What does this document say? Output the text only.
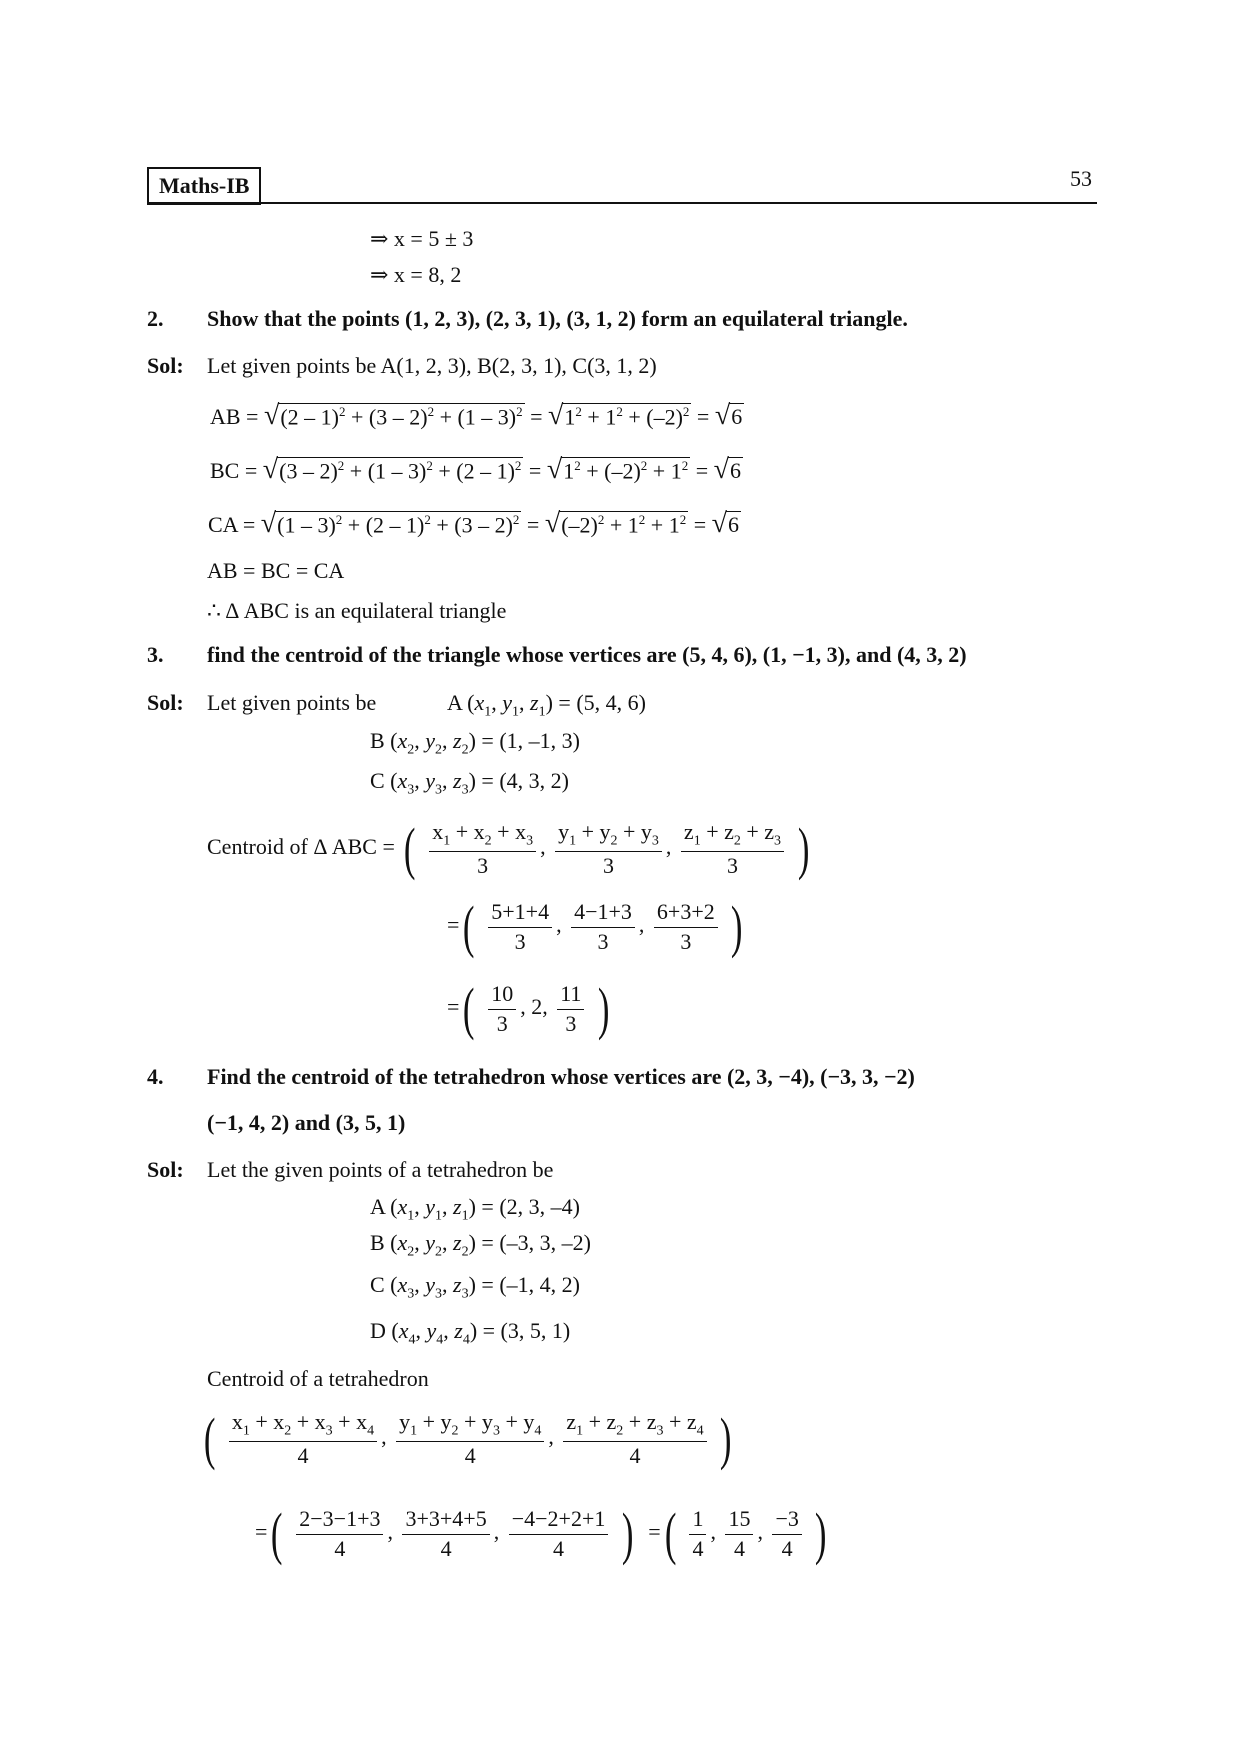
Maths-IB	53
⇒ x = 5 ± 3
⇒ x = 8, 2
2. Show that the points (1, 2, 3), (2, 3, 1), (3, 1, 2) form an equilateral triangle.
Sol: Let given points be A(1, 2, 3), B(2, 3, 1), C(3, 1, 2)
AB = $√(2 - 1)^2 + (3 - 2)^2 + (1 - 3)^2 = √1^2 + 1^2 + (-2)^2 = √6$
BC = $√(3 - 2)^2 + (1 - 3)^2 + (2 - 1)^2 = √1^2 + (-2)^2 + 1^2 = √6$
CA = $√(1 - 3)^2 + (2 - 1)^2 + (3 - 2)^2 = √(-2)^2 + 1^2 + 1^2 = √6$
AB = BC = CA
∴ Δ ABC is an equilateral triangle
3. find the centroid of the triangle whose vertices are (5, 4, 6), (1, −1, 3), and (4, 3, 2)
Sol: Let given points be	A ($x_1$, $y_1$, $z_1) = (5$, 4, 6)
B ($x_2$, $y_2$, $z_2) = (1$, –1, 3)
C ($x_3$, $y_3$, $z_3) = (4$, 3, 2)
Centroid of Δ ABC = ( $\frac{x_1 + x_2 + x_3}{3}$ , $\frac{y_1 + y_2 + y_3}{3}$ , $\frac{z_1 + z_2 + z_3}{3}$ )
=( $\frac{5+1+4}{3}$ , $\frac{4-1+3}{3}$ , $\frac{6+3+2}{3}$ )
=( $\frac{10}{3}$ , 2, $\frac{11}{3}$ )
4. Find the centroid of the tetrahedron whose vertices are (2, 3, −4), (−3, 3, −2)
(−1, 4, 2) and (3, 5, 1)
Sol: Let the given points of a tetrahedron be
A ($x_1$, $y_1$, $z_1) = (2$, 3, –4)
B ($x_2$, $y_2$, $z_2) = (-3$, 3, –2)
C ($x_3$, $y_3$, $z_3) = (-1$, 4, 2)
D ($x_4$, $y_4$, $z_4) = (3$, 5, 1)
Centroid of a tetrahedron
( $\frac{x_1 + x_2 + x_3 + x_4}{4}$ , $\frac{y_1 + y_2 + y_3 + y_4}{4}$ , $\frac{z_1 + z_2 + z_3 + z_4}{4}$ )
=( $\frac{2-3-1+3}{4}$ , $\frac{3+3+4+5}{4}$ , $\frac{-4-2+2+1}{4}$ )  =( $\frac{1}{4}$ , $\frac{15}{4}$ , $\frac{-3}{4}$ )
